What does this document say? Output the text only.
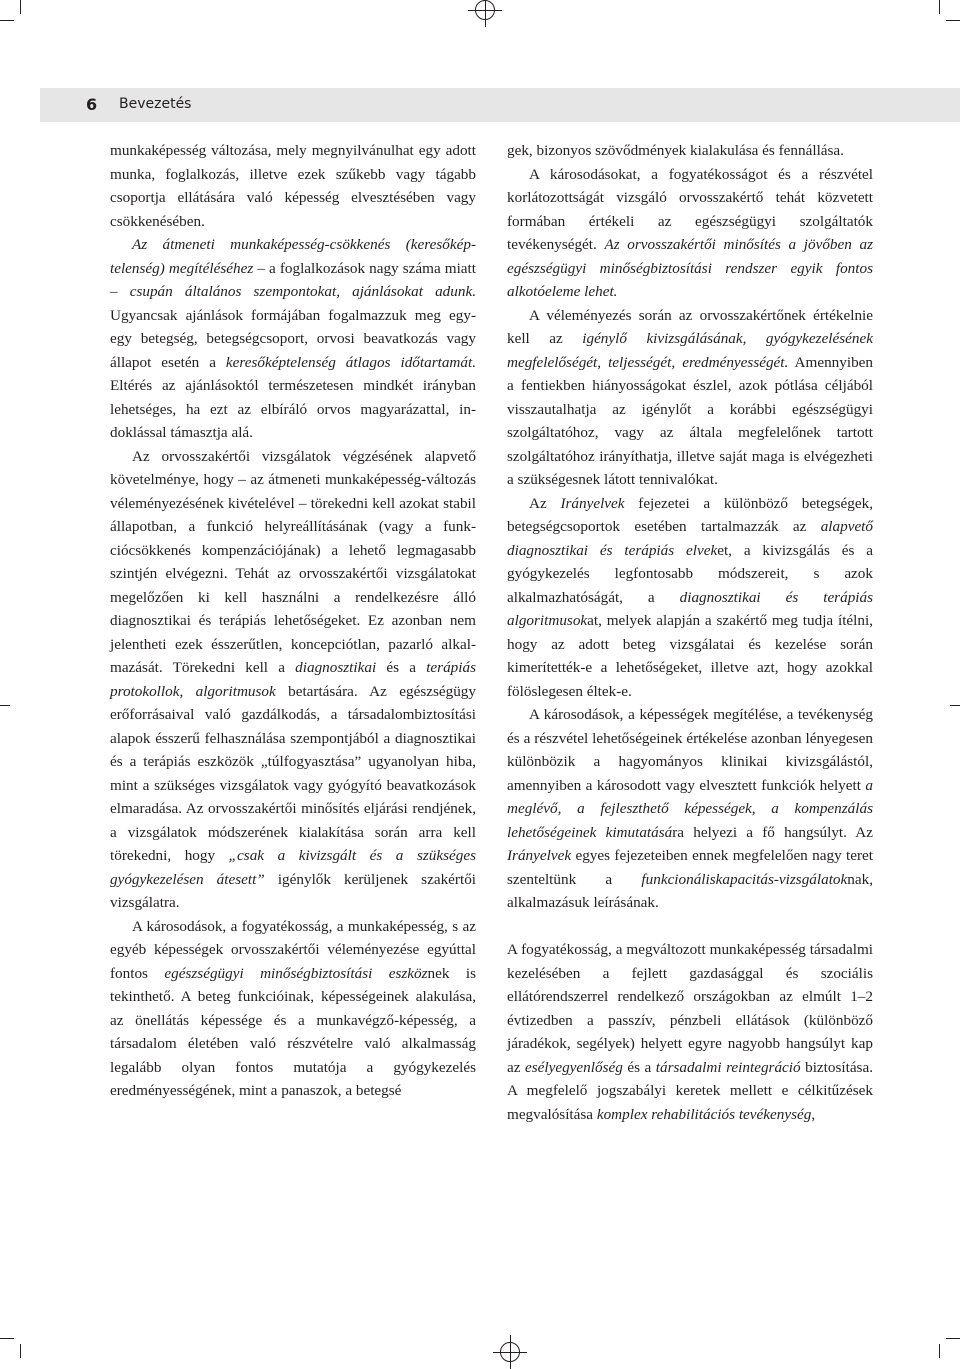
6 Bevezetés

munkaképesség változása, mely megnyilvánulhat egy adott munka, foglalkozás, illetve ezek szűkebb vagy tágabb csoportja ellátására való képesség elvesztésében vagy csökkenésében.

Az átmeneti munkaképesség-csökkenés (keresőképtelenség) megítéléséhez – a foglalkozások nagy száma miatt – csupán általános szempontokat, ajánlásokat adunk. Ugyancsak ajánlások formájában fogalmazzuk meg egy-egy betegség, betegségcsoport, orvosi beavatkozás vagy állapot esetén a keresőképtelenség átlagos időtartamát. Eltérés az ajánlásoktól természetesen mindkét irányban lehetséges, ha ezt az elbíráló orvos magyarázattal, indoklással támasztja alá.

Az orvosszakértői vizsgálatok végzésének alapvető követelménye, hogy – az átmeneti munkaképesség-változás véleményezésének kivételével – törekedni kell azokat stabil állapotban, a funkció helyreállításának (vagy a funkciócsökkenés kompenzációjának) a lehető legmagasabb szintjén elvégezni. Tehát az orvosszakértői vizsgálatokat megelőzően ki kell használni a rendelkezésre álló diagnosztikai és terápiás lehetőségeket. Ez azonban nem jelentheti ezek ésszerűtlen, koncepciótlan, pazarló alkalmazását. Törekedni kell a diagnosztikai és a terápiás protokollok, algoritmusok betartására. Az egészségügy erőforrásaival való gazdálkodás, a társadalombiztosítási alapok ésszerű felhasználása szempontjából a diagnosztikai és a terápiás eszközök „túlfogyasztása” ugyanolyan hiba, mint a szükséges vizsgálatok vagy gyógyító beavatkozások elmaradása. Az orvosszakértői minősítés eljárási rendjének, a vizsgálatok módszerének kialakítása során arra kell törekedni, hogy „csak a kivizsgált és a szükséges gyógykezelésen átesett” igénylők kerüljenek szakértői vizsgálatra.

A károsodások, a fogyatékosság, a munkaképesség, s az egyéb képességek orvosszakértői véleményezése egyúttal fontos egészségügyi minőségbiztosítási eszköznek is tekinthető. A beteg funkcióinak, képességeinek alakulása, az önellátás képessége és a munkavégző-képesség, a társadalom életében való részvételre való alkalmasság legalább olyan fontos mutatója a gyógykezelés eredményességének, mint a panaszok, a betegsé

gek, bizonyos szövődmények kialakulása és fennállása.

A károsodásokat, a fogyatékosságot és a részvétel korlátozottságát vizsgáló orvosszakértő tehát közvetett formában értékeli az egészségügyi szolgáltatók tevékenységét. Az orvosszakértői minősítés a jövőben az egészségügyi minőségbiztosítási rendszer egyik fontos alkotóeleme lehet.

A véleményezés során az orvosszakértőnek értékelnie kell az igénylő kivizsgálásának, gyógykezelésének megfelelőségét, teljességét, eredményességét. Amennyiben a fentiekben hiányosságokat észlel, azok pótlása céljából visszautalhatja az igénylőt a korábbi egészségügyi szolgáltatóhoz, vagy az általa megfelelőnek tartott szolgáltatóhoz irányíthatja, illetve saját maga is elvégezheti a szükségesnek látott tennivalókat.

Az Irányelvek fejezetei a különböző betegségek, betegségcsoportok esetében tartalmazzák az alapvető diagnosztikai és terápiás elveket, a kivizsgálás és a gyógykezelés legfontosabb módszereit, s azok alkalmazhatóságát, a diagnosztikai és terápiás algoritmusokat, melyek alapján a szakértő meg tudja ítélni, hogy az adott beteg vizsgálatai és kezelése során kimerítették-e a lehetőségeket, illetve azt, hogy azokkal fölöslegesen éltek-e.

A károsodások, a képességek megítélése, a tevékenység és a részvétel lehetőségeinek értékelése azonban lényegesen különbözik a hagyományos klinikai kivizsgálástól, amennyiben a károsodott vagy elvesztett funkciók helyett a meglévő, a fejleszthető képességek, a kompenzálás lehetőségeinek kimutatására helyezi a fő hangsúlyt. Az Irányelvek egyes fejezeteiben ennek megfelelően nagy teret szenteltünk a funkcionáliskapacitás-vizsgálatoknak, alkalmazásuk leírásának.

A fogyatékosság, a megváltozott munkaképesség társadalmi kezelésében a fejlett gazdasággal és szociális ellátórendszerrel rendelkező országokban az elmúlt 1–2 évtizedben a passzív, pénzbeli ellátások (különböző járadékok, segélyek) helyett egyre nagyobb hangsúlyt kap az esélyegyenlőség és a társadalmi reintegráció biztosítása. A megfelelő jogszabályi keretek mellett e célkitűzések megvalósítása komplex rehabilitációs tevékenység,
